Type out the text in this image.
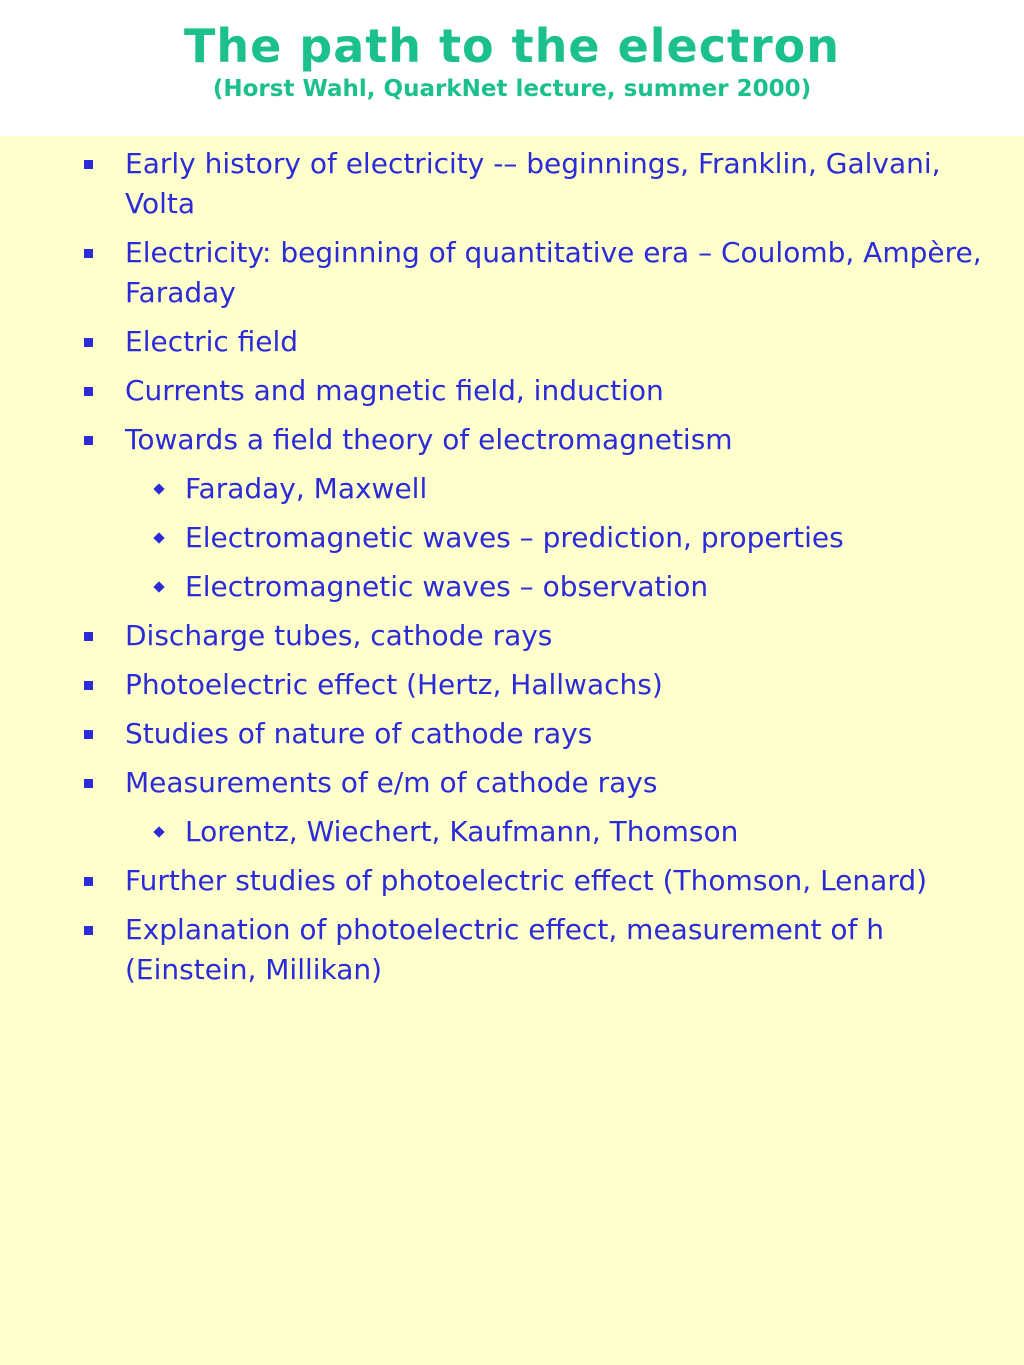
The path to the electron

(Horst Wahl, QuarkNet lecture, summer 2000)

Early history of electricity -– beginnings, Franklin, Galvani, Volta
Electricity: beginning of quantitative era – Coulomb, Ampère, Faraday
Electric field
Currents and magnetic field, induction
Towards a field theory of electromagnetism
Faraday, Maxwell
Electromagnetic waves – prediction, properties
Electromagnetic waves – observation
Discharge tubes, cathode rays
Photoelectric effect (Hertz, Hallwachs)
Studies of nature of cathode rays
Measurements of e/m of cathode rays
Lorentz, Wiechert, Kaufmann, Thomson
Further studies of photoelectric effect (Thomson, Lenard)
Explanation of photoelectric effect, measurement of h (Einstein, Millikan)
